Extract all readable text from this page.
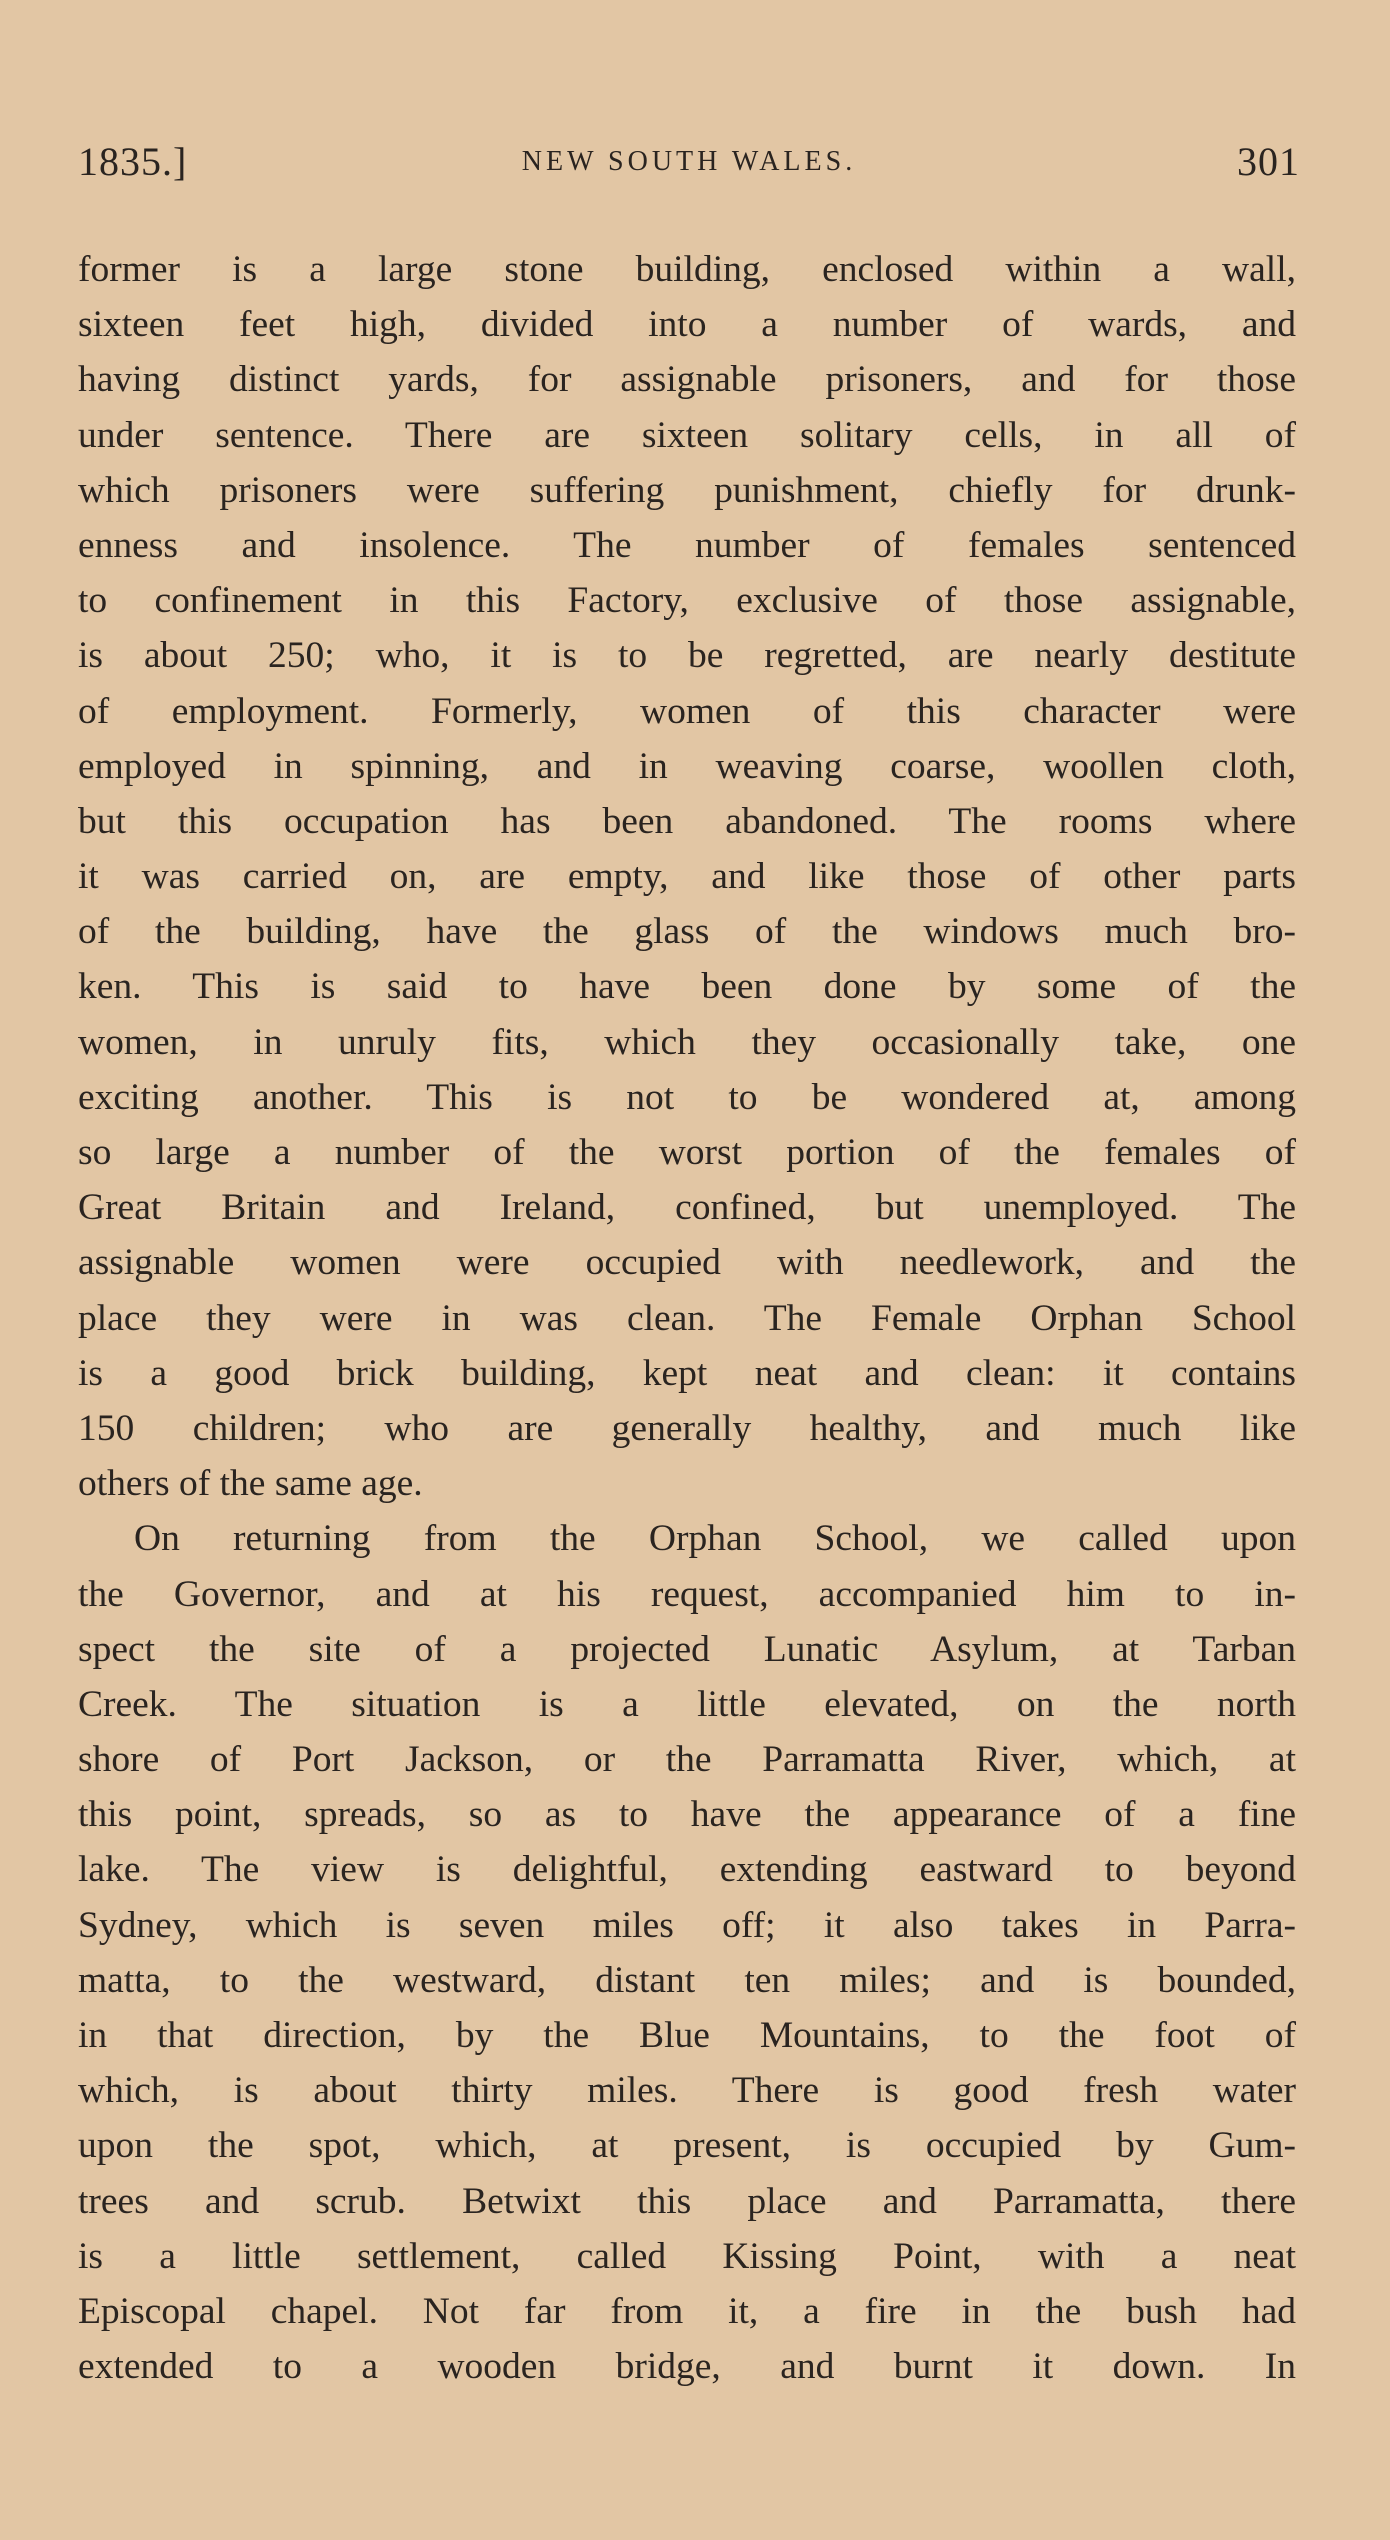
1835.]	NEW SOUTH WALES.	301
former is a large stone building, enclosed within a wall,
sixteen feet high, divided into a number of wards, and
having distinct yards, for assignable prisoners, and for those
under sentence. There are sixteen solitary cells, in all of
which prisoners were suffering punishment, chiefly for drunk-
enness and insolence. The number of females sentenced
to confinement in this Factory, exclusive of those assignable,
is about 250; who, it is to be regretted, are nearly destitute
of employment. Formerly, women of this character were
employed in spinning, and in weaving coarse, woollen cloth,
but this occupation has been abandoned. The rooms where
it was carried on, are empty, and like those of other parts
of the building, have the glass of the windows much bro-
ken. This is said to have been done by some of the
women, in unruly fits, which they occasionally take, one
exciting another. This is not to be wondered at, among
so large a number of the worst portion of the females of
Great Britain and Ireland, confined, but unemployed. The
assignable women were occupied with needlework, and the
place they were in was clean. The Female Orphan School
is a good brick building, kept neat and clean: it contains
150 children; who are generally healthy, and much like
others of the same age.
On returning from the Orphan School, we called upon
the Governor, and at his request, accompanied him to in-
spect the site of a projected Lunatic Asylum, at Tarban
Creek. The situation is a little elevated, on the north
shore of Port Jackson, or the Parramatta River, which, at
this point, spreads, so as to have the appearance of a fine
lake. The view is delightful, extending eastward to beyond
Sydney, which is seven miles off; it also takes in Parra-
matta, to the westward, distant ten miles; and is bounded,
in that direction, by the Blue Mountains, to the foot of
which, is about thirty miles. There is good fresh water
upon the spot, which, at present, is occupied by Gum-
trees and scrub. Betwixt this place and Parramatta, there
is a little settlement, called Kissing Point, with a neat
Episcopal chapel. Not far from it, a fire in the bush had
extended to a wooden bridge, and burnt it down. In
